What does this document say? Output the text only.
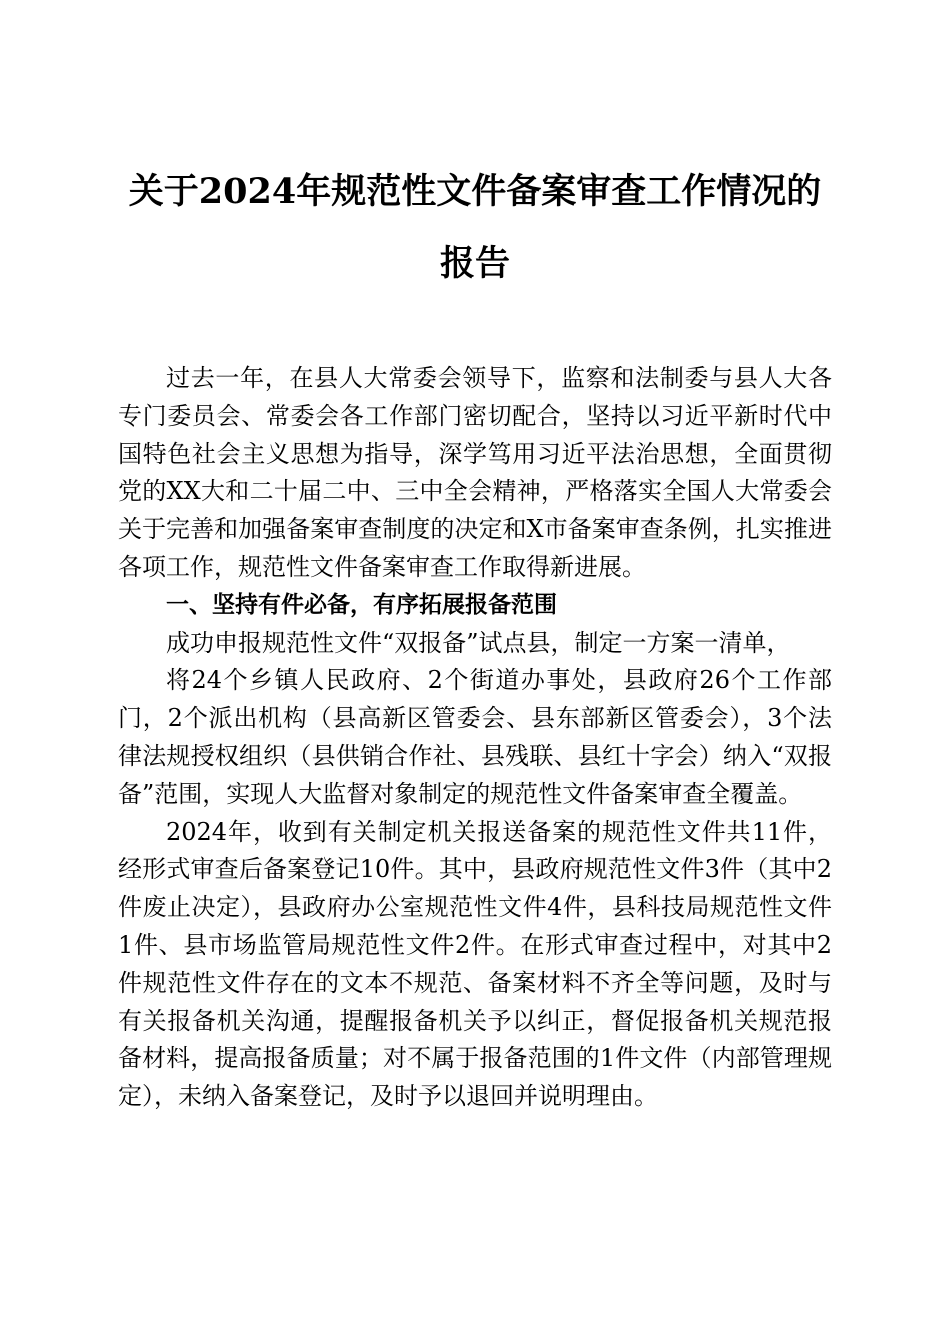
关于2024年规范性文件备案审查工作情况的
报告

过去一年，在县人大常委会领导下，监察和法制委与县人大各专门委员会、常委会各工作部门密切配合，坚持以习近平新时代中国特色社会主义思想为指导，深学笃用习近平法治思想，全面贯彻党的XX大和二十届二中、三中全会精神，严格落实全国人大常委会关于完善和加强备案审查制度的决定和X市备案审查条例，扎实推进各项工作，规范性文件备案审查工作取得新进展。

一、坚持有件必备，有序拓展报备范围

成功申报规范性文件“双报备”试点县，制定一方案一清单，

将24个乡镇人民政府、2个街道办事处，县政府26个工作部门，2个派出机构（县高新区管委会、县东部新区管委会），3个法律法规授权组织（县供销合作社、县残联、县红十字会）纳入“双报备”范围，实现人大监督对象制定的规范性文件备案审查全覆盖。

2024年，收到有关制定机关报送备案的规范性文件共11件，经形式审查后备案登记10件。其中，县政府规范性文件3件（其中2件废止决定），县政府办公室规范性文件4件，县科技局规范性文件1件、县市场监管局规范性文件2件。在形式审查过程中，对其中2件规范性文件存在的文本不规范、备案材料不齐全等问题，及时与有关报备机关沟通，提醒报备机关予以纠正，督促报备机关规范报备材料，提高报备质量；对不属于报备范围的1件文件（内部管理规定），未纳入备案登记，及时予以退回并说明理由。
